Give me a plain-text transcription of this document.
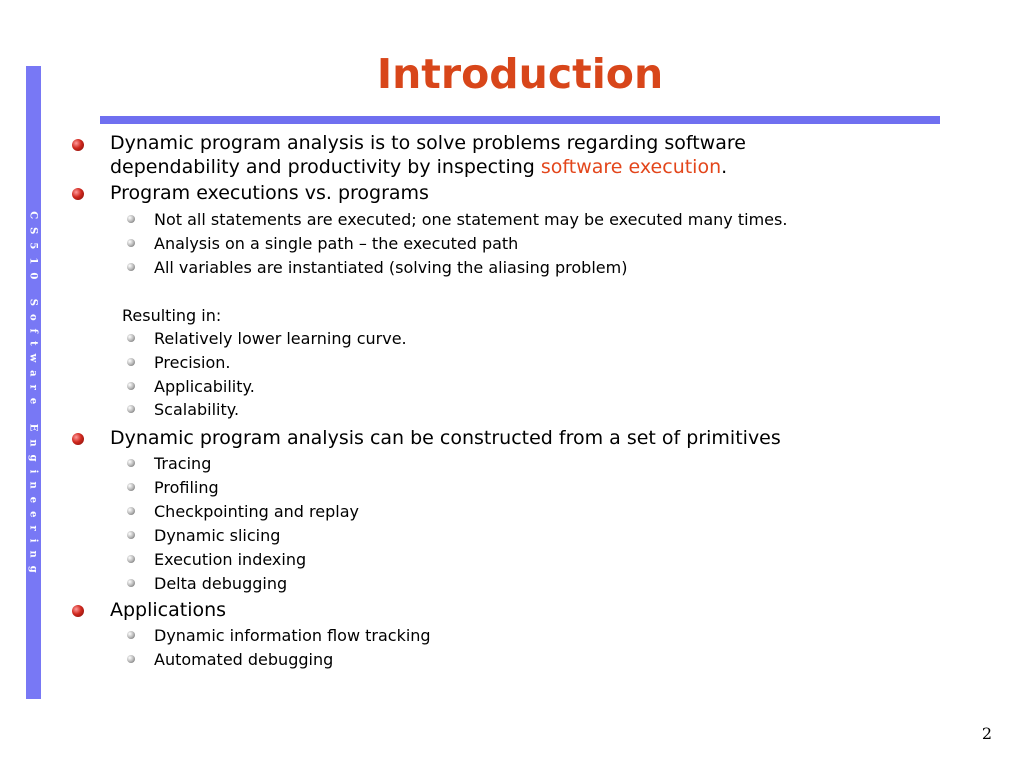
CS510 Software Engineering
Introduction
Dynamic program analysis is to solve problems regarding software
dependability and productivity by inspecting software execution.
Program executions vs. programs
Not all statements are executed; one statement may be executed many times.
Analysis on a single path – the executed path
All variables are instantiated (solving the aliasing problem)
Resulting in:
Relatively lower learning curve.
Precision.
Applicability.
Scalability.
Dynamic program analysis can be constructed from a set of primitives
Tracing
Profiling
Checkpointing and replay
Dynamic slicing
Execution indexing
Delta debugging
Applications
Dynamic information flow tracking
Automated debugging
2
